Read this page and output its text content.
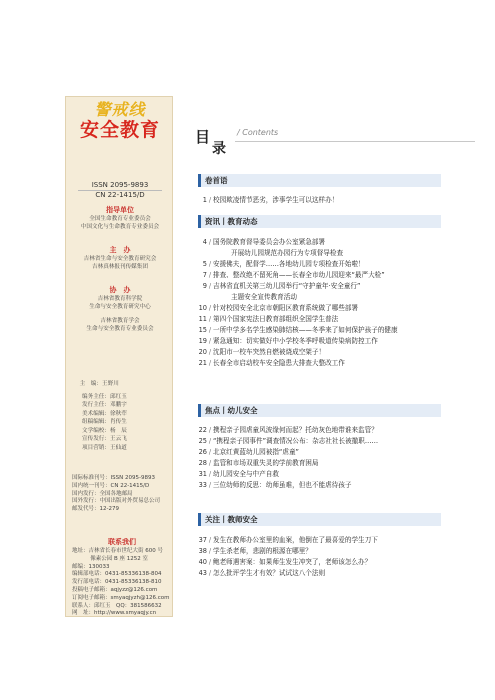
警戒线
安全教育
ISSN 2095-9893
CN 22-1415/D
指导单位
全国生命教育专业委员会
中国文化与生命教育专业委员会
主　办
吉林省生命与安全教育研究会
吉林真林报刊传媒集团
协　办
吉林省教育科学院
生命与安全教育研究中心
吉林省教育学会
生命与安全教育专业委员会
主　编： 王野川
编务主任： 邱红玉
发行主任： 邓鹏宇
美术编辑： 徐秋荦
组稿编辑： 肖传生
文学编校： 杨　辰
宣传发行： 王云飞
项目营销： 王仙道
国际标准刊号：ISSN 2095-9893
国内统一刊号：CN 22-1415/D
国内发行：全国各地邮局
国外发行：中国出版对外贸易总公司
邮发代号：12-279
联系我们
地址：吉林省长春市世纪大街 600 号
　　　 像素公园 B 座 1252 室
邮编：130033
编辑部电话：0431-85336138-804
发行部电话：0431-85336138-810
投稿电子邮箱：aqjyzz@126.com
订阅电子邮箱：smyaqjyzh@126.com
联系人：邱红玉　QQ：381586632
网　址：http://www.smyaqjy.cn
目
录
/ Contents
卷首语
1 / 校园欺凌情节恶劣，涉事学生可以这样办！
资讯丨教育动态
4 / 国务院教育督导委员会办公室紧急部署
开展幼儿园规范办园行为专项督导检查
5 / 安援佛夫，配督学……各地幼儿园专项检查开始啦！
7 / 排查、整改绝不留死角——长春全市幼儿园迎来“最严大检”
9 / 吉林省直机关第三幼儿园举行“守护童年·安全童行”
主题安全宣传教育活动
10 / 针对校园安全北京市朝阳区教育系统做了哪些部署
11 / 第四个国家宪法日教育部组织全国学生普法
15 / 一所中学多名学生感染肺结核——冬季来了如何保护孩子的健康
19 / 紧急通知：切实做好中小学校冬季呼吸道传染病防控工作
20 / 沈阳市一校车突然自燃被烧成空架子！
21 / 长春全市启动校车安全隐患大排查大整改工作
焦点丨幼儿安全
22 / 携程亲子园虐童风波缘何而起？托幼灰色地带谁来监管？
25 / “携程亲子园事件”调查情况公布：杂志社社长被撤职……
26 / 北京红黄蓝幼儿园被指“虐童”
28 / 监管和市场双重失灵的学前教育困局
31 / 幼儿园安全与中产自救
33 / 三位幼师的反思：幼师虽难，但也不能虐待孩子
关注丨教师安全
37 / 发生在教师办公室里的血案，他倒在了最喜爱的学生刀下
38 / 学生杀老师，悲剧的根源在哪里？
40 / 鲍老师遇害案：如果师生发生冲突了，老师该怎么办？
43 / 怎么批评学生才有效？试试这八个法则
